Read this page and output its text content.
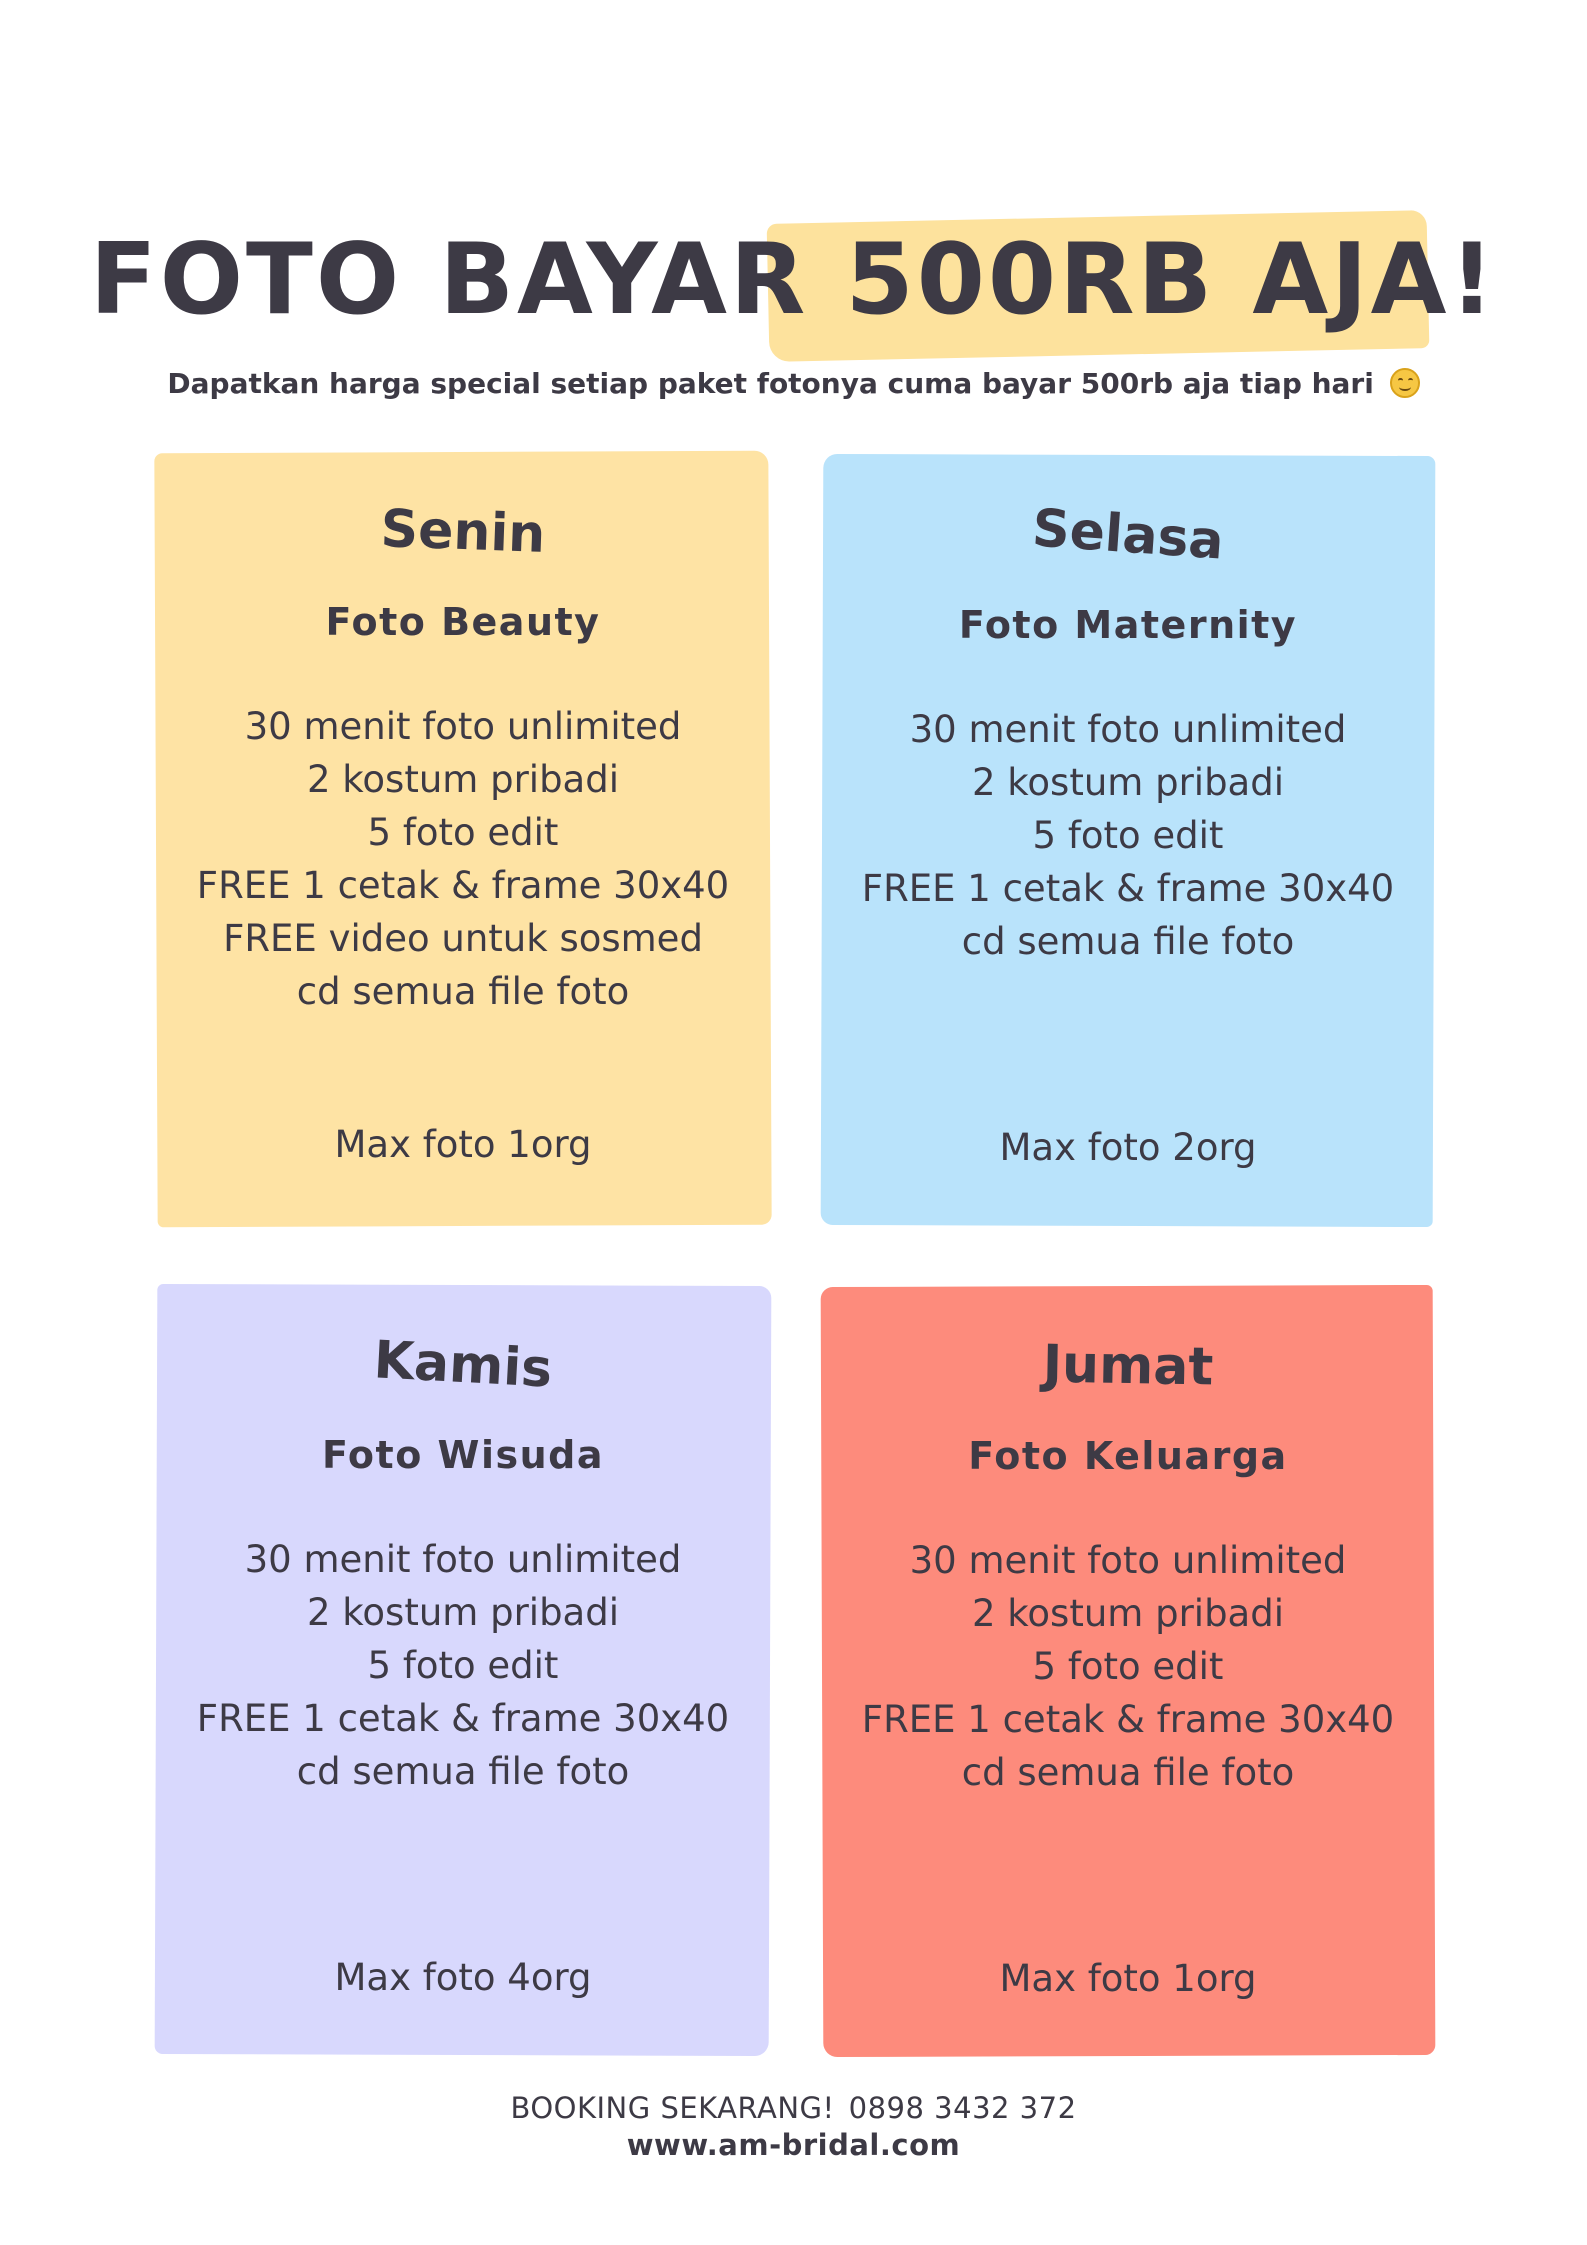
FOTO BAYAR 500RB AJA!

Dapatkan harga special setiap paket fotonya cuma bayar 500rb aja tiap hari

Senin
Foto Beauty
30 menit foto unlimited
2 kostum pribadi
5 foto edit
FREE 1 cetak & frame 30x40
FREE video untuk sosmed
cd semua file foto

Max foto 1org

Selasa
Foto Maternity
30 menit foto unlimited
2 kostum pribadi
5 foto edit
FREE 1 cetak & frame 30x40
cd semua file foto

Max foto 2org

Kamis
Foto Wisuda
30 menit foto unlimited
2 kostum pribadi
5 foto edit
FREE 1 cetak & frame 30x40
cd semua file foto

Max foto 4org

Jumat
Foto Keluarga
30 menit foto unlimited
2 kostum pribadi
5 foto edit
FREE 1 cetak & frame 30x40
cd semua file foto

Max foto 1org

BOOKING SEKARANG! 0898 3432 372
www.am-bridal.com
